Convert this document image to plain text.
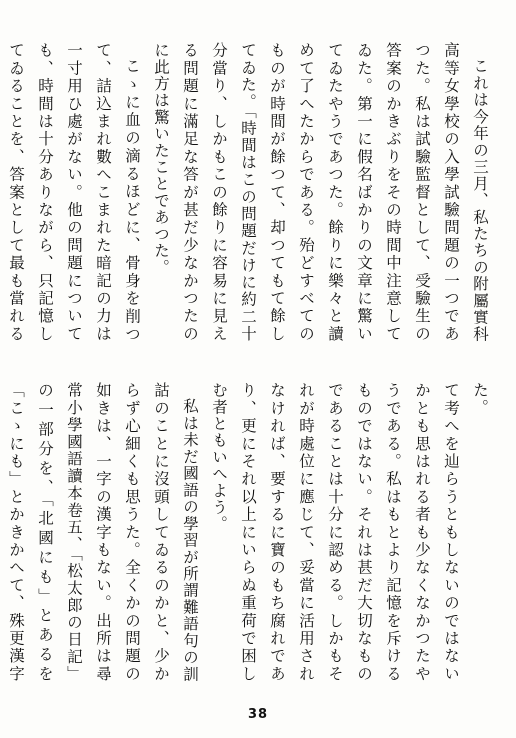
これは今年の三月、私たちの附屬實科高等女學校の入學試驗問題の一つであつた。私は試驗監督として、受驗生の答案のかきぶりをその時間中注意してゐた。第一に假名ばかりの文章に驚いてゐたやうであつた。餘りに樂々と讀めて了へたからである。殆どすべてのものが時間が餘つて、却つてもて餘してゐた。「時間はこの問題だけに約二十分當り、しかもこの餘りに容易に見える問題に滿足な答が甚だ少なかつたのに此方は驚いたことであつた。

こゝに血の滴るほどに、骨身を削つて、詰込まれ數へこまれた暗記の力は一寸用ひ處がない。他の問題についても、時間は十分ありながら、只記憶してゐることを、答案として最も當れる

た。

て考へを辿らうともしないのではないかとも思はれる者も少なくなかつたやうである。私はもとより記憶を斥けるものではない。それは甚だ大切なものであることは十分に認める。しかもそれが時處位に應じて、妥當に活用されなければ、要するに寶のもち腐れであり、更にそれ以上にいらぬ重荷で困しむ者ともいへよう。

私は未だ國語の學習が所謂難語句の訓詁のことに沒頭してゐるのかと、少からず心細くも思うた。全くかの問題の如きは、一字の漢字もない。出所は尋常小學國語讀本卷五、「松太郎の日記」の一部分を、「北國にも」とあるを「こゝにも」とかきかへて、殊更漢字

38
